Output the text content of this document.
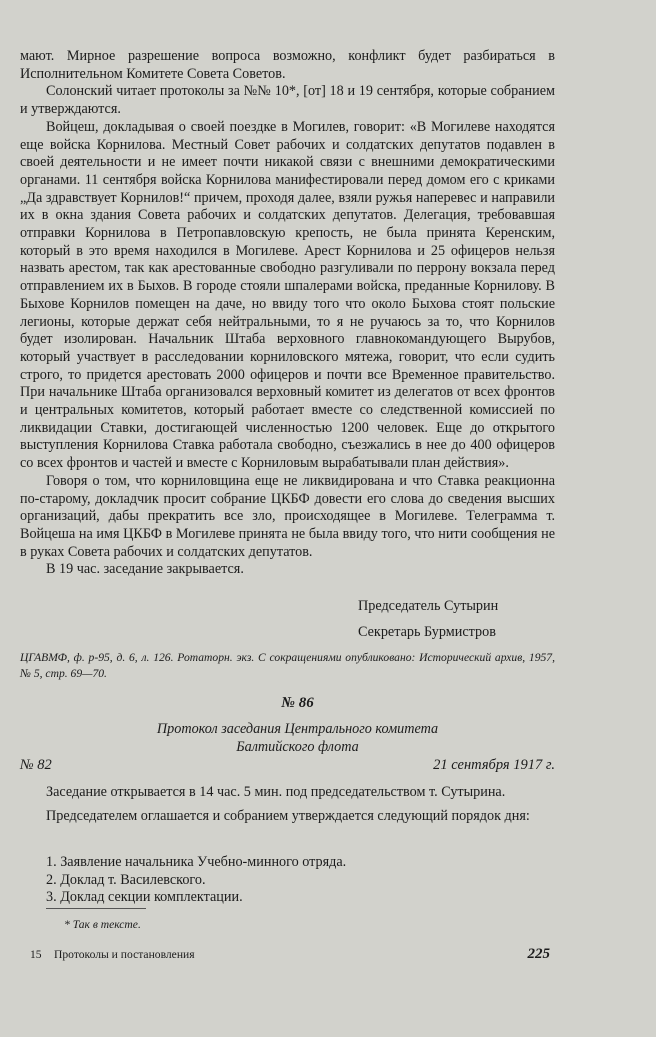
мают. Мирное разрешение вопроса возможно, конфликт будет разбираться в Исполнительном Комитете Совета Советов.

Солонский читает протоколы за №№ 10*, [от] 18 и 19 сентября, которые собранием и утверждаются.

Войцеш, докладывая о своей поездке в Могилев, говорит: «В Могилеве находятся еще войска Корнилова. Местный Совет рабочих и солдатских депутатов подавлен в своей деятельности и не имеет почти никакой связи с внешними демократическими органами. 11 сентября войска Корнилова манифестировали перед домом его с криками „Да здравствует Корнилов!“ причем, проходя далее, взяли ружья наперевес и направили их в окна здания Совета рабочих и солдатских депутатов. Делегация, требовавшая отправки Корнилова в Петропавловскую крепость, не была принята Керенским, который в это время находился в Могилеве. Арест Корнилова и 25 офицеров нельзя назвать арестом, так как арестованные свободно разгуливали по перрону вокзала перед отправлением их в Быхов. В городе стояли шпалерами войска, преданные Корнилову. В Быхове Корнилов помещен на даче, но ввиду того что около Быхова стоят польские легионы, которые держат себя нейтральными, то я не ручаюсь за то, что Корнилов будет изолирован. Начальник Штаба верховного главнокомандующего Вырубов, который участвует в расследовании корниловского мятежа, говорит, что если судить строго, то придется арестовать 2000 офицеров и почти все Временное правительство. При начальнике Штаба организовался верховный комитет из делегатов от всех фронтов и центральных комитетов, который работает вместе со следственной комиссией по ликвидации Ставки, достигающей численностью 1200 человек. Еще до открытого выступления Корнилова Ставка работала свободно, съезжались в нее до 400 офицеров со всех фронтов и частей и вместе с Корниловым вырабатывали план действия».

Говоря о том, что корниловщина еще не ликвидирована и что Ставка реакционна по-старому, докладчик просит собрание ЦКБФ довести его слова до сведения высших организаций, дабы прекратить все зло, происходящее в Могилеве. Телеграмма т. Войцеша на имя ЦКБФ в Могилеве принята не была ввиду того, что нити сообщения не в руках Совета рабочих и солдатских депутатов.

В 19 час. заседание закрывается.

Председатель Сутырин
Секретарь Бурмистров
ЦГАВМФ, ф. р-95, д. 6, л. 126. Ротаторн. экз. С сокращениями опубликовано: Исторический архив, 1957, № 5, стр. 69—70.
№ 86
Протокол заседания Центрального комитета
Балтийского флота
№ 82	21 сентября 1917 г.

Заседание открывается в 14 час. 5 мин. под председательством т. Сутырина.

Председателем оглашается и собранием утверждается следующий порядок дня:

1. Заявление начальника Учебно-минного отряда.
2. Доклад т. Василевского.
3. Доклад секции комплектации.
* Так в тексте.
15 Протоколы и постановления	225
